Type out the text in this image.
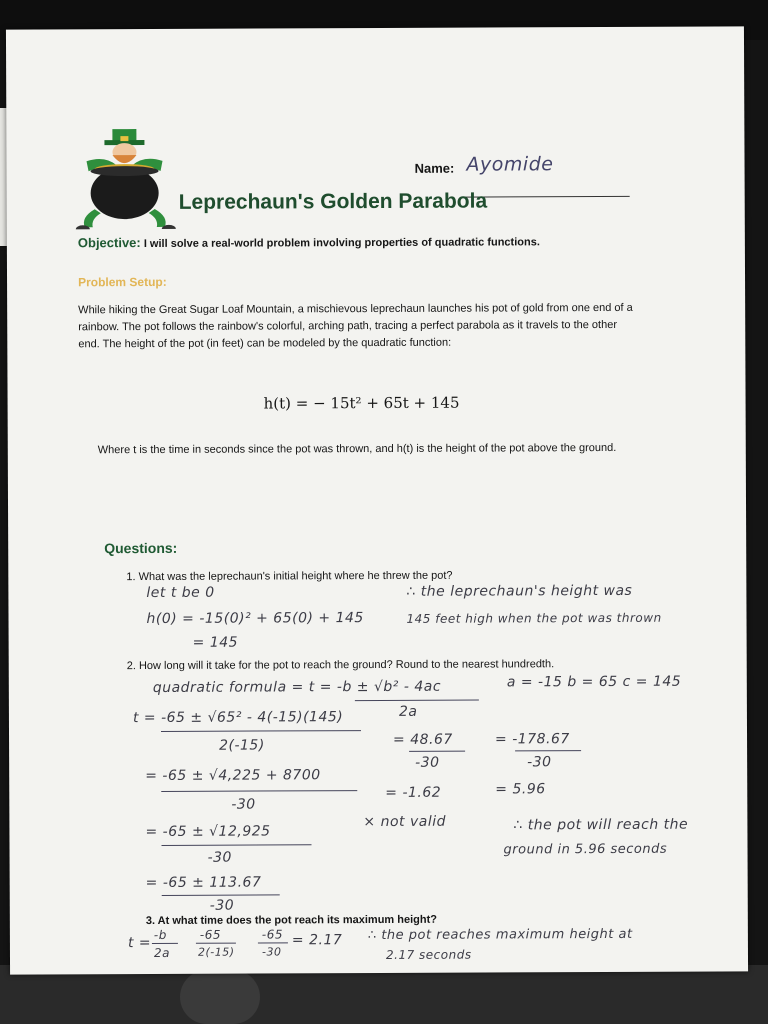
Name: Ayomide
Leprechaun's Golden Parabola
Objective: I will solve a real-world problem involving properties of quadratic functions.
Problem Setup:
While hiking the Great Sugar Loaf Mountain, a mischievous leprechaun launches his pot of gold from one end of a rainbow. The pot follows the rainbow's colorful, arching path, tracing a perfect parabola as it travels to the other end. The height of the pot (in feet) can be modeled by the quadratic function:
h(t) = − 15t² + 65t + 145
Where t is the time in seconds since the pot was thrown, and h(t) is the height of the pot above the ground.
Questions:
1. What was the leprechaun's initial height where he threw the pot?
let t be 0
h(0) = -15(0)² + 65(0) + 145
= 145
∴ the leprechaun's height was
145 feet high when the pot was thrown
2. How long will it take for the pot to reach the ground? Round to the nearest hundredth.
quadratic formula = t = -b ± √b² - 4ac
2a
a = -15 b = 65 c = 145
t = -65 ± √65² - 4(-15)(145)
2(-15)
= -65 ± √4,225 + 8700
-30
= -65 ± √12,925
-30
= -65 ± 113.67
-30
= 48.67
-30
= -1.62
× not valid
= -178.67
-30
= 5.96
∴ the pot will reach the
ground in 5.96 seconds
3. At what time does the pot reach its maximum height?
t =
-b
2a
-65
2(-15)
-65
-30
= 2.17 ∴ the pot reaches maximum height at
2.17 seconds
